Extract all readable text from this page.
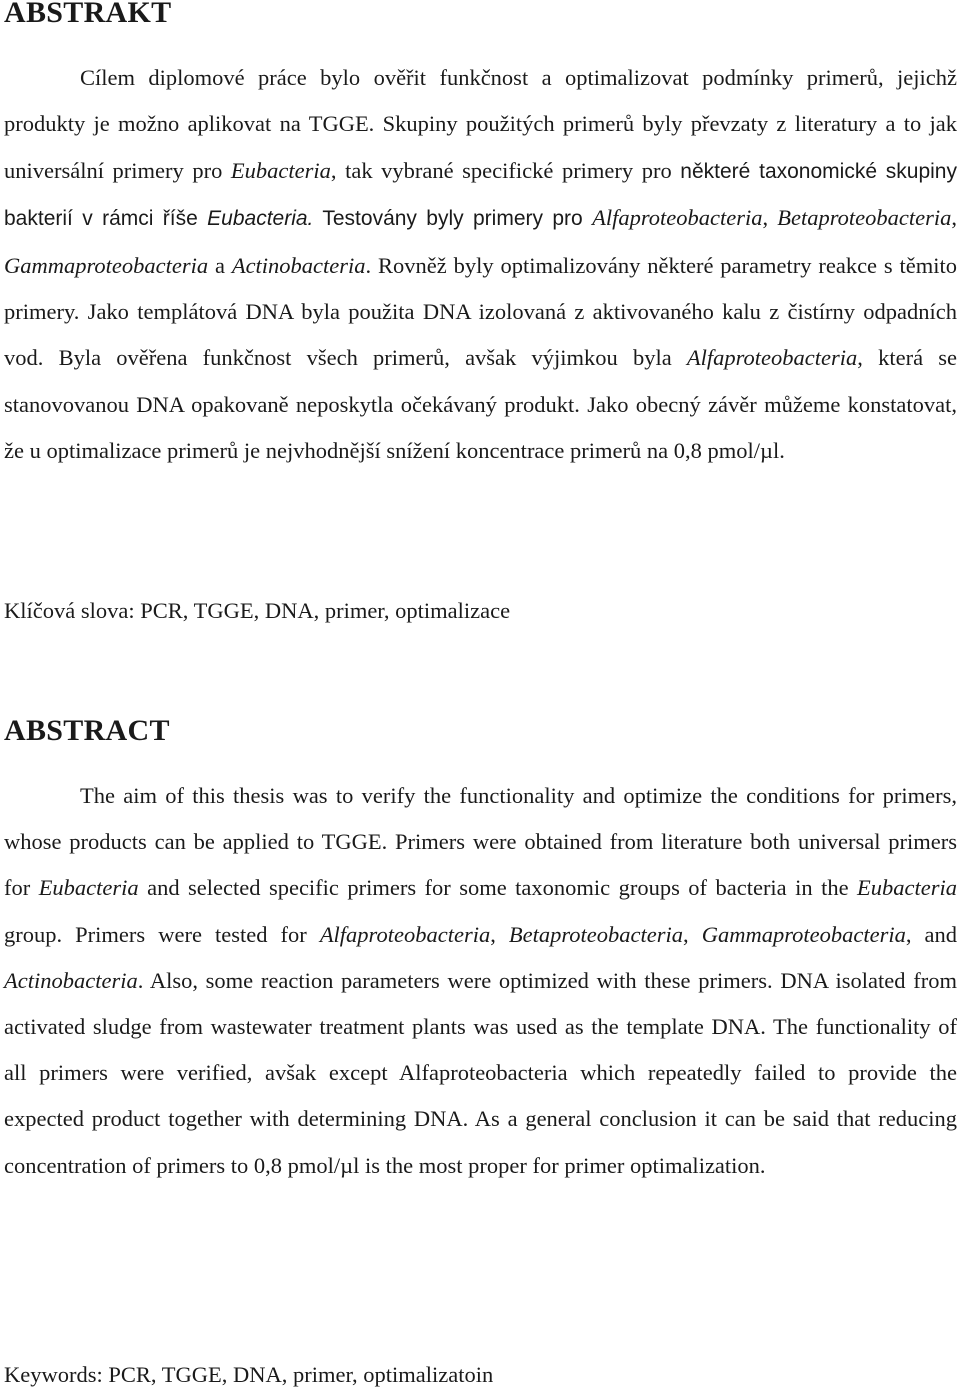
ABSTRAKT

Cílem diplomové práce bylo ověřit funkčnost a optimalizovat podmínky primerů, jejichž produkty je možno aplikovat na TGGE. Skupiny použitých primerů byly převzaty z literatury a to jak universální primery pro Eubacteria, tak vybrané specifické primery pro některé taxonomické skupiny bakterií v rámci říše Eubacteria. Testovány byly primery pro Alfaproteobacteria, Betaproteobacteria, Gammaproteobacteria a Actinobacteria. Rovněž byly optimalizovány některé parametry reakce s těmito primery. Jako templátová DNA byla použita DNA izolovaná z aktivovaného kalu z čistírny odpadních vod. Byla ověřena funkčnost všech primerů, avšak výjimkou byla Alfaproteobacteria, která se stanovovanou DNA opakovaně neposkytla očekávaný produkt. Jako obecný závěr můžeme konstatovat, že u optimalizace primerů je nejvhodnější snížení koncentrace primerů na 0,8 pmol/µl.

Klíčová slova: PCR, TGGE, DNA, primer, optimalizace

ABSTRACT

The aim of this thesis was to verify the functionality and optimize the conditions for primers, whose products can be applied to TGGE. Primers were obtained from literature both universal primers for Eubacteria and selected specific primers for some taxonomic groups of bacteria in the Eubacteria group. Primers were tested for Alfaproteobacteria, Betaproteobacteria, Gammaproteobacteria, and Actinobacteria. Also, some reaction parameters were optimized with these primers. DNA isolated from activated sludge from wastewater treatment plants was used as the template DNA. The functionality of all primers were verified, avšak except Alfaproteobacteria which repeatedly failed to provide the expected product together with determining DNA. As a general conclusion it can be said that reducing concentration of primers to 0,8 pmol/µl is the most proper for primer optimalization.

Keywords: PCR, TGGE, DNA, primer, optimalizatoin
